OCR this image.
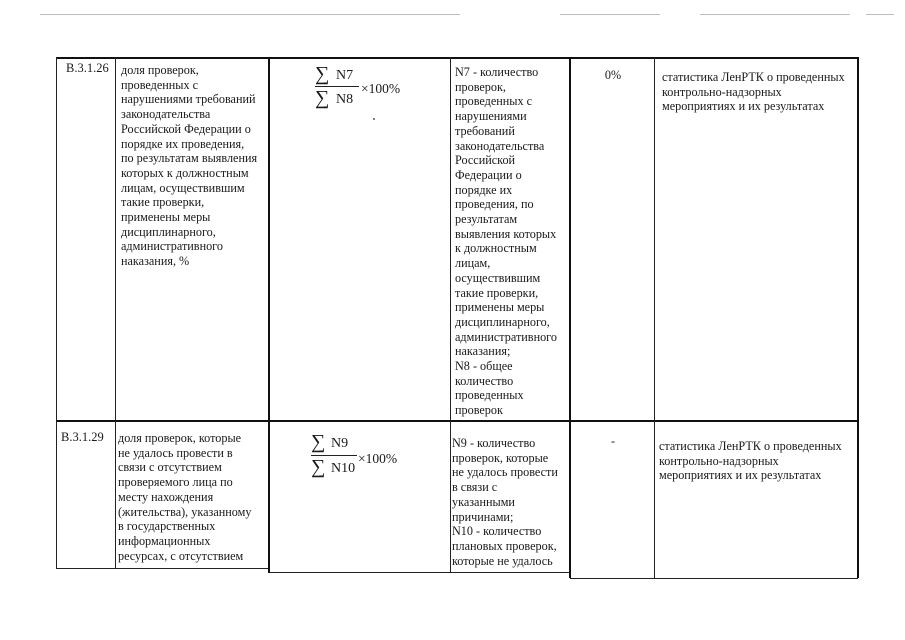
В.3.1.26 доля проверок,
проведенных с
нарушениями требований
законодательства
Российской Федерации о
порядке их проведения,
по результатам выявления
которых к должностным
лицам, осуществившим
такие проверки,
применены меры
дисциплинарного,
административного
наказания, %
∑ N7
∑ N8
×100%
N7 - количество
проверок,
проведенных с
нарушениями
требований
законодательства
Российской
Федерации о
порядке их
проведения, по
результатам
выявления которых
к должностным
лицам,
осуществившим
такие проверки,
применены меры
дисциплинарного,
административного
наказания;
N8 - общее
количество
проведенных
проверок
0%	статистика ЛенРТК о проведенных
контрольно-надзорных
мероприятиях и их результатах
В.3.1.29 доля проверок, которые
не удалось провести в
связи с отсутствием
проверяемого лица по
месту нахождения
(жительства), указанному
в государственных
информационных
ресурсах, с отсутствием
∑ N9
∑ N10
×100%
N9 - количество
проверок, которые
не удалось провести
в связи с
указанными
причинами;
N10 - количество
плановых проверок,
которые не удалось
-	статистика ЛенРТК о проведенных
контрольно-надзорных
мероприятиях и их результатах
